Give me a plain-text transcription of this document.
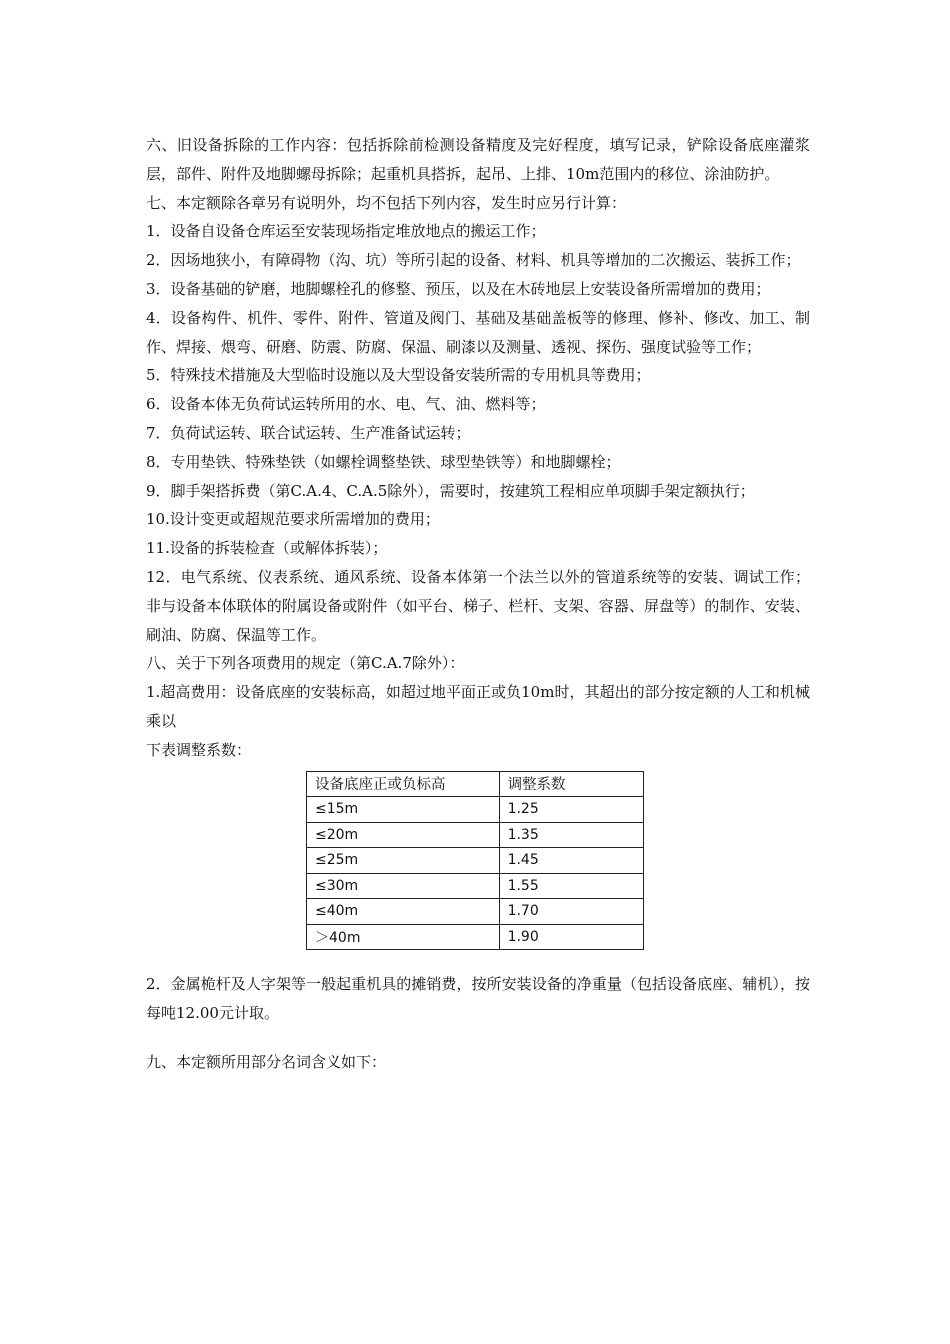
六、旧设备拆除的工作内容：包括拆除前检测设备精度及完好程度，填写记录，铲除设备底座灌浆层，部件、附件及地脚螺母拆除；起重机具搭拆，起吊、上排、10m范围内的移位、涂油防护。

七、本定额除各章另有说明外，均不包括下列内容，发生时应另行计算：

1．设备自设备仓库运至安装现场指定堆放地点的搬运工作；

2．因场地狭小，有障碍物（沟、坑）等所引起的设备、材料、机具等增加的二次搬运、装拆工作；

3．设备基础的铲磨，地脚螺栓孔的修整、预压，以及在木砖地层上安装设备所需增加的费用；

4．设备构件、机件、零件、附件、管道及阀门、基础及基础盖板等的修理、修补、修改、加工、制作、焊接、煨弯、研磨、防震、防腐、保温、刷漆以及测量、透视、探伤、强度试验等工作；

5．特殊技术措施及大型临时设施以及大型设备安装所需的专用机具等费用；

6．设备本体无负荷试运转所用的水、电、气、油、燃料等；

7．负荷试运转、联合试运转、生产准备试运转；

8．专用垫铁、特殊垫铁（如螺栓调整垫铁、球型垫铁等）和地脚螺栓；

9．脚手架搭拆费（第C.A.4、C.A.5除外），需要时，按建筑工程相应单项脚手架定额执行；

10.设计变更或超规范要求所需增加的费用；

11.设备的拆装检查（或解体拆装）；

12．电气系统、仪表系统、通风系统、设备本体第一个法兰以外的管道系统等的安装、调试工作；非与设备本体联体的附属设备或附件（如平台、梯子、栏杆、支架、容器、屏盘等）的制作、安装、刷油、防腐、保温等工作。

八、关于下列各项费用的规定（第C.A.7除外）：

1.超高费用：设备底座的安装标高，如超过地平面正或负10m时，其超出的部分按定额的人工和机械乘以

下表调整系数：

设备底座正或负标高	调整系数
≤15m	1.25
≤20m	1.35
≤25m	1.45
≤30m	1.55
≤40m	1.70
＞40m	1.90

2．金属桅杆及人字架等一般起重机具的摊销费，按所安装设备的净重量（包括设备底座、辅机），按每吨12.00元计取。

九、本定额所用部分名词含义如下：
